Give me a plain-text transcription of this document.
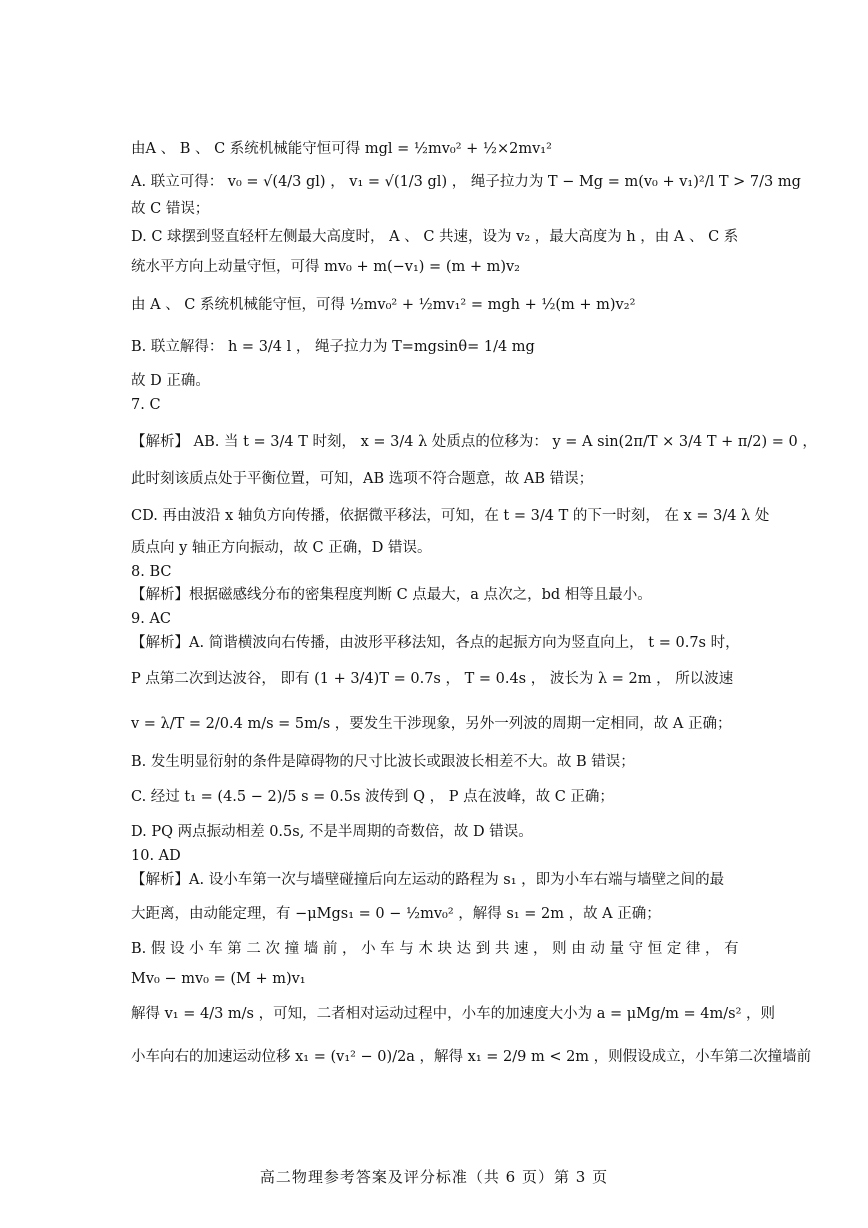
由A 、 B 、 C 系统机械能守恒可得 mgl = ½mv₀² + ½×2mv₁²
A. 联立可得： v₀ = √(4/3 gl) ， v₁ = √(1/3 gl) ， 绳子拉力为 T − Mg = m(v₀ + v₁)²/l T > 7/3 mg
故 C 错误；
D. C 球摆到竖直轻杆左侧最大高度时， A 、 C 共速，设为 v₂ ，最大高度为 h ，由 A 、 C 系
统水平方向上动量守恒，可得 mv₀ + m(−v₁) = (m + m)v₂
由 A 、 C 系统机械能守恒，可得 ½mv₀² + ½mv₁² = mgh + ½(m + m)v₂²
B. 联立解得： h = 3/4 l ， 绳子拉力为 T=mgsinθ= 1/4 mg
故 D 正确。
7. C
【解析】 AB. 当 t = 3/4 T 时刻， x = 3/4 λ 处质点的位移为： y = A sin(2π/T × 3/4 T + π/2) = 0 ，
此时刻该质点处于平衡位置，可知，AB 选项不符合题意，故 AB 错误；
CD. 再由波沿 x 轴负方向传播，依据微平移法，可知，在 t = 3/4 T 的下一时刻， 在 x = 3/4 λ 处
质点向 y 轴正方向振动，故 C 正确，D 错误。
8. BC
【解析】根据磁感线分布的密集程度判断 C 点最大，a 点次之，bd 相等且最小。
9. AC
【解析】A. 简谐横波向右传播，由波形平移法知，各点的起振方向为竖直向上， t = 0.7s 时，
P 点第二次到达波谷， 即有 (1 + 3/4)T = 0.7s ， T = 0.4s ， 波长为 λ = 2m ， 所以波速
v = λ/T = 2/0.4 m/s = 5m/s ，要发生干涉现象，另外一列波的周期一定相同，故 A 正确；
B. 发生明显衍射的条件是障碍物的尺寸比波长或跟波长相差不大。故 B 错误；
C. 经过 t₁ = (4.5 − 2)/5 s = 0.5s 波传到 Q ， P 点在波峰，故 C 正确；
D. PQ 两点振动相差 0.5s, 不是半周期的奇数倍，故 D 错误。
10. AD
【解析】A. 设小车第一次与墙壁碰撞后向左运动的路程为 s₁ ，即为小车右端与墙壁之间的最
大距离，由动能定理，有 −μMgs₁ = 0 − ½mv₀² ，解得 s₁ = 2m ，故 A 正确；
B. 假 设 小 车 第 二 次 撞 墙 前 ， 小 车 与 木 块 达 到 共 速 ， 则 由 动 量 守 恒 定 律 ， 有
Mv₀ − mv₀ = (M + m)v₁
解得 v₁ = 4/3 m/s ，可知，二者相对运动过程中，小车的加速度大小为 a = μMg/m = 4m/s² ，则
小车向右的加速运动位移 x₁ = (v₁² − 0)/2a ，解得 x₁ = 2/9 m < 2m ，则假设成立，小车第二次撞墙前
高二物理参考答案及评分标准（共 6 页）第 3 页
